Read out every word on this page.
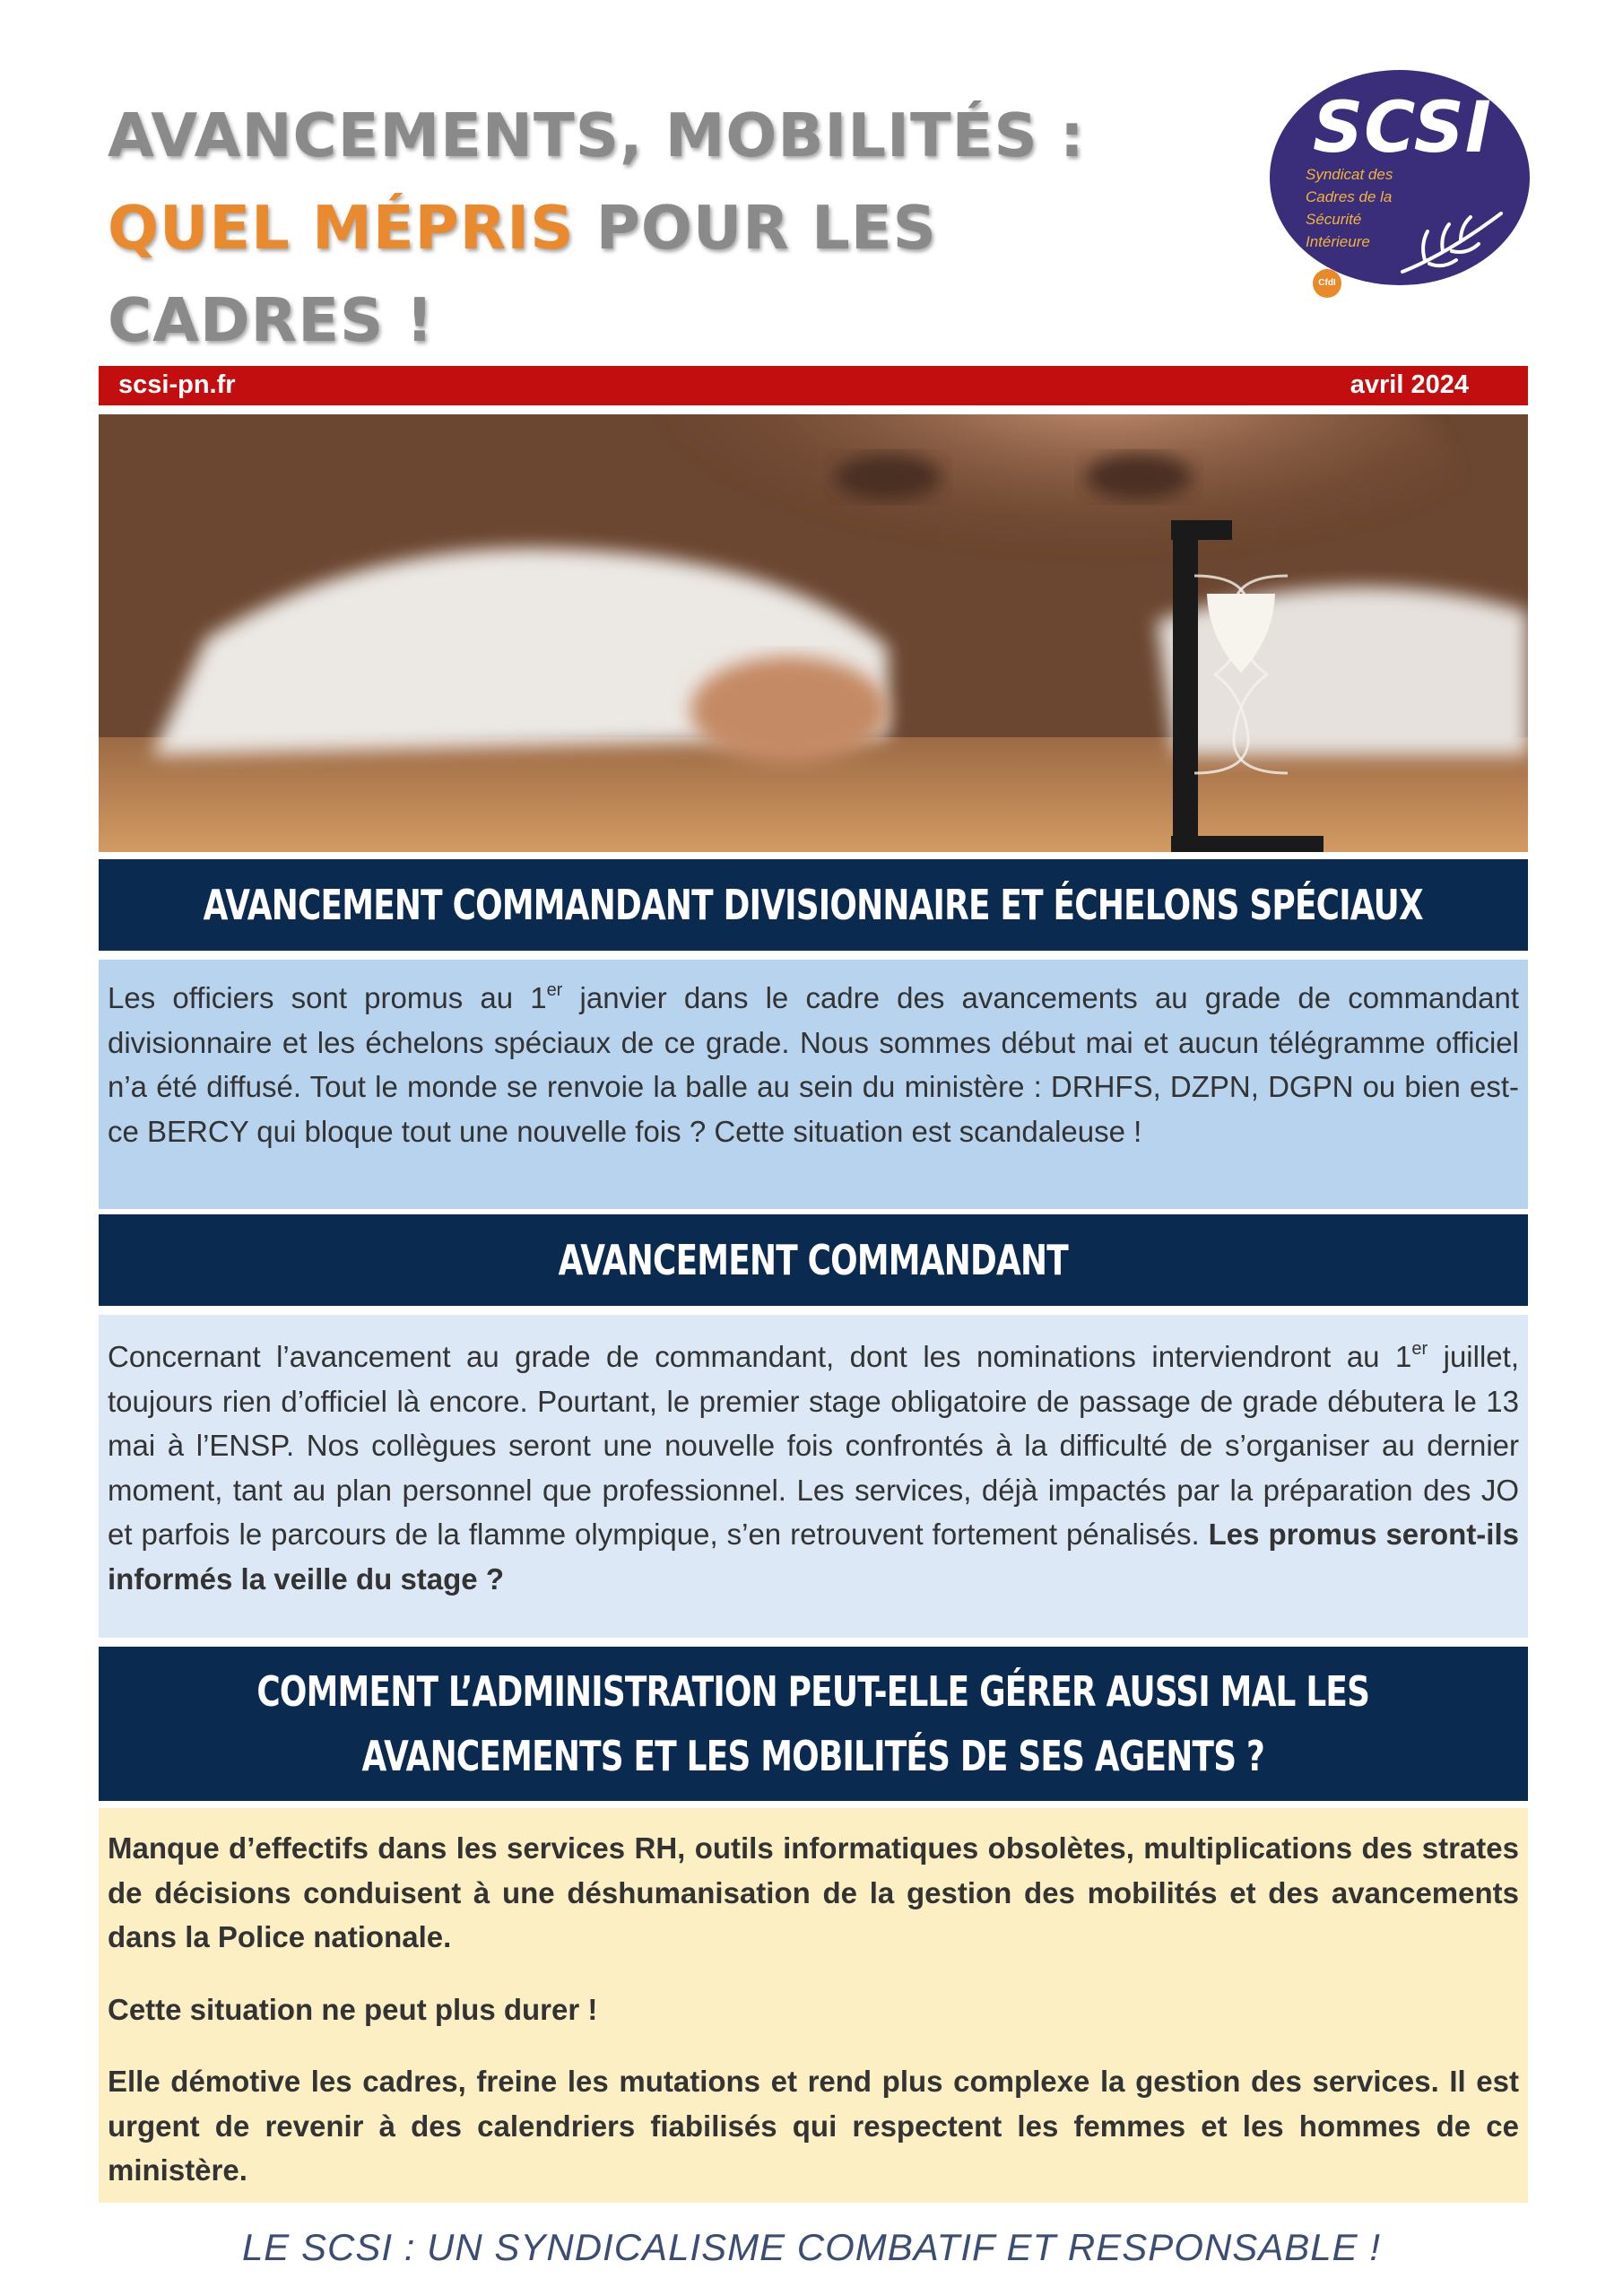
AVANCEMENTS, MOBILITÉS :
QUEL MÉPRIS POUR LES
CADRES !
SCSI
Syndicat des
Cadres de la
Sécurité
Intérieure
CfdI
scsi-pn.fr	avril 2024
AVANCEMENT COMMANDANT DIVISIONNAIRE ET ÉCHELONS SPÉCIAUX
Les officiers sont promus au 1er janvier dans le cadre des avancements au grade de commandant divisionnaire et les échelons spéciaux de ce grade. Nous sommes début mai et aucun télégramme officiel n’a été diffusé. Tout le monde se renvoie la balle au sein du ministère : DRHFS, DZPN, DGPN ou bien est-ce BERCY qui bloque tout une nouvelle fois ? Cette situation est scandaleuse !
AVANCEMENT COMMANDANT
Concernant l’avancement au grade de commandant, dont les nominations interviendront au 1er juillet, toujours rien d’officiel là encore. Pourtant, le premier stage obligatoire de passage de grade débutera le 13 mai à l’ENSP. Nos collègues seront une nouvelle fois confrontés à la difficulté de s’organiser au dernier moment, tant au plan personnel que professionnel. Les services, déjà impactés par la préparation des JO et parfois le parcours de la flamme olympique, s’en retrouvent fortement pénalisés. Les promus seront-ils informés la veille du stage ?
COMMENT L’ADMINISTRATION PEUT-ELLE GÉRER AUSSI MAL LES
AVANCEMENTS ET LES MOBILITÉS DE SES AGENTS ?

Manque d’effectifs dans les services RH, outils informatiques obsolètes, multiplications des strates de décisions conduisent à une déshumanisation de la gestion des mobilités et des avancements dans la Police nationale.

Cette situation ne peut plus durer !

Elle démotive les cadres, freine les mutations et rend plus complexe la gestion des services. Il est urgent de revenir à des calendriers fiabilisés qui respectent les femmes et les hommes de ce ministère.

LE SCSI : UN SYNDICALISME COMBATIF ET RESPONSABLE !
